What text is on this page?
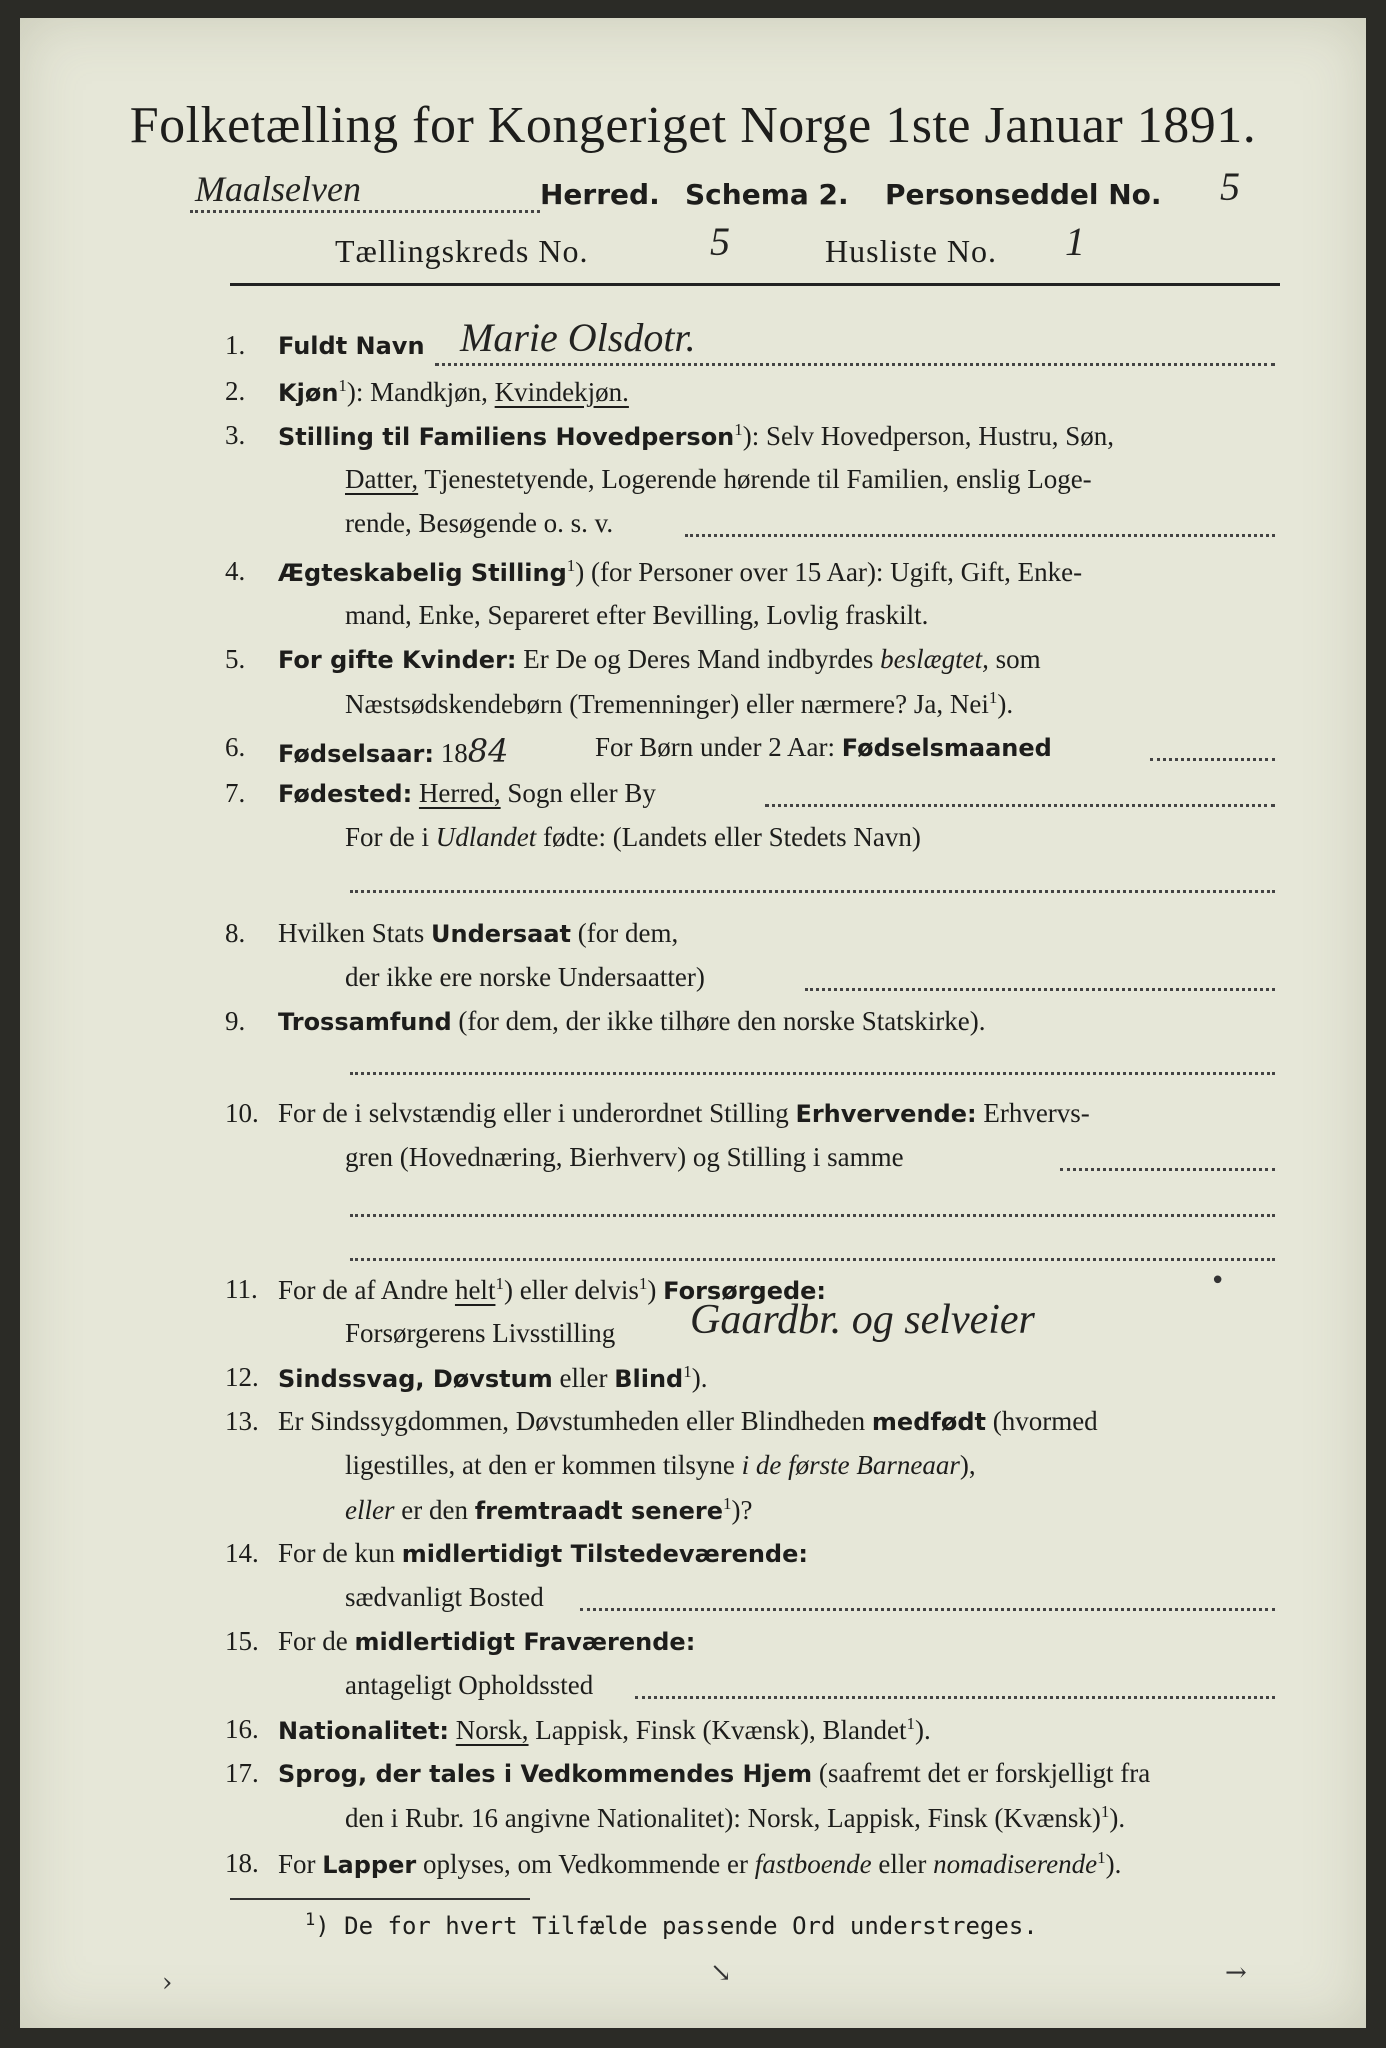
Folketælling for Kongeriget Norge 1ste Januar 1891.
Maalselven	Herred. Schema 2. Personseddel No. 5
Tællingskreds No.	5	Husliste No. 1
1. Fuldt Navn Marie Olsdotr.
2. Kjøn$^1$): Mandkjøn, Kvindekjøn.
3. Stilling til Familiens Hovedperson$^1$): Selv Hovedperson, Hustru, Søn,
Datter, Tjenestetyende, Logerende hørende til Familien, enslig Loge-
rende, Besøgende o. s. v.
4. Ægteskabelig Stilling$^1$) (for Personer over 15 Aar): Ugift, Gift, Enke-
mand, Enke, Separeret efter Bevilling, Lovlig fraskilt.
5. For gifte Kvinder: Er De og Deres Mand indbyrdes beslægtet, som
Næstsødskendebørn (Tremenninger) eller nærmere? Ja, Nei$^1$).
6. Fødselsaar: 1884	For Børn under 2 Aar: Fødselsmaaned
7. Fødested: Herred, Sogn eller By
For de i Udlandet fødte: (Landets eller Stedets Navn)
8. Hvilken Stats Undersaat (for dem,
der ikke ere norske Undersaatter)
9. Trossamfund (for dem, der ikke tilhøre den norske Statskirke).
10. For de i selvstændig eller i underordnet Stilling Erhvervende: Erhvervs-
gren (Hovednæring, Bierhverv) og Stilling i samme
11. For de af Andre helt$^1$) eller delvis$^1$) Forsørgede:
Forsørgerens Livsstilling Gaardbr. og selveier
12. Sindssvag, Døvstum eller Blind$^1$).
13. Er Sindssygdommen, Døvstumheden eller Blindheden medfødt (hvormed
ligestilles, at den er kommen tilsyne i de første Barneaar),
eller er den fremtraadt senere$^1$)?
14. For de kun midlertidigt Tilstedeværende:
sædvanligt Bosted
15. For de midlertidigt Fraværende:
antageligt Opholdssted
16. Nationalitet: Norsk, Lappisk, Finsk (Kvænsk), Blandet$^1$).
17. Sprog, der tales i Vedkommendes Hjem (saafremt det er forskjelligt fra
den i Rubr. 16 angivne Nationalitet): Norsk, Lappisk, Finsk (Kvænsk)$^1$).
18. For Lapper oplyses, om Vedkommende er fastboende eller nomadiserende$^1$).
$^1$) De for hvert Tilfælde passende Ord understreges.
›	↘	→
•
